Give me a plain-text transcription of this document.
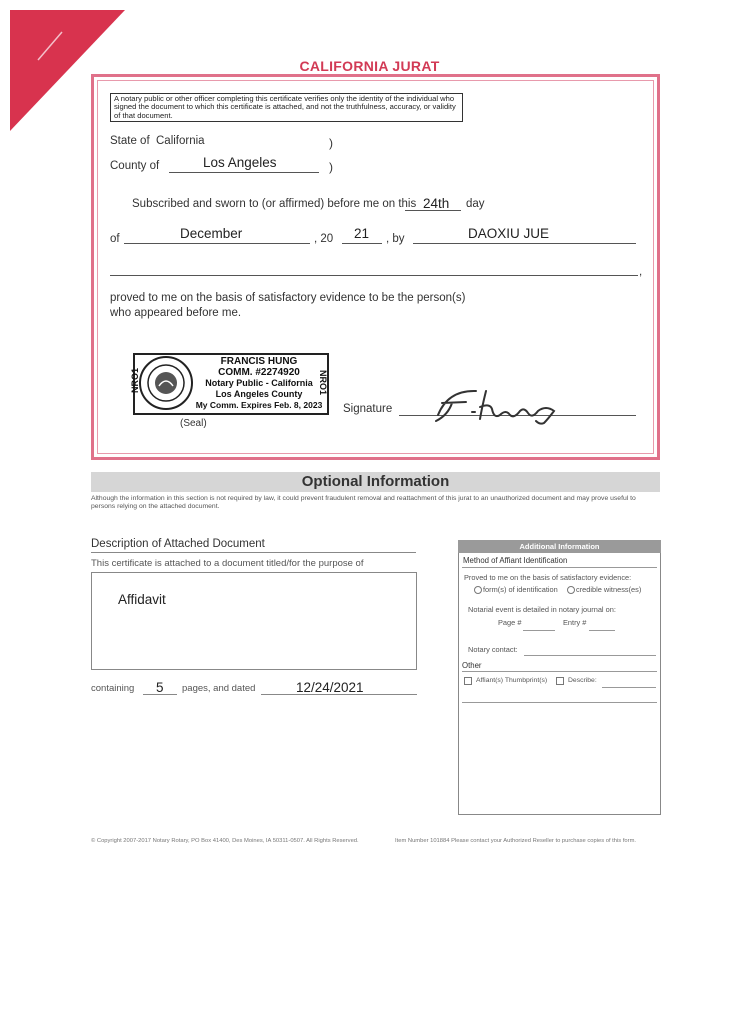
CALIFORNIA JURAT
A notary public or other officer completing this certificate verifies only the identity of the individual who signed the document to which this certificate is attached, and not the truthfulness, accuracy, or validity of that document.
State of California	)
County of	Los Angeles	)
Subscribed and sworn to (or affirmed) before me on this 24th day
of	December	, 20 21 , by	DAOXIU JUE
,
proved to me on the basis of satisfactory evidence to be the person(s)
who appeared before me.
NRO1	NRO1
FRANCIS HUNG
COMM. #2274920
Notary Public - California
Los Angeles County
My Comm. Expires Feb. 8, 2023
(Seal)
Signature
Optional Information
Although the information in this section is not required by law, it could prevent fraudulent removal and reattachment of this jurat to an unauthorized document and may prove useful to persons relying on the attached document.
Description of Attached Document
This certificate is attached to a document titled/for the purpose of
Affidavit
containing 5 pages, and dated	12/24/2021
Additional Information
Method of Affiant Identification
Proved to me on the basis of satisfactory evidence:
form(s) of identification credible witness(es)
Notarial event is detailed in notary journal on:
Page #	Entry #
Notary contact:
Other
Affiant(s) Thumbprint(s)	Describe:
© Copyright 2007-2017 Notary Rotary, PO Box 41400, Des Moines, IA 50311-0507. All Rights Reserved.	Item Number 101884 Please contact your Authorized Reseller to purchase copies of this form.
